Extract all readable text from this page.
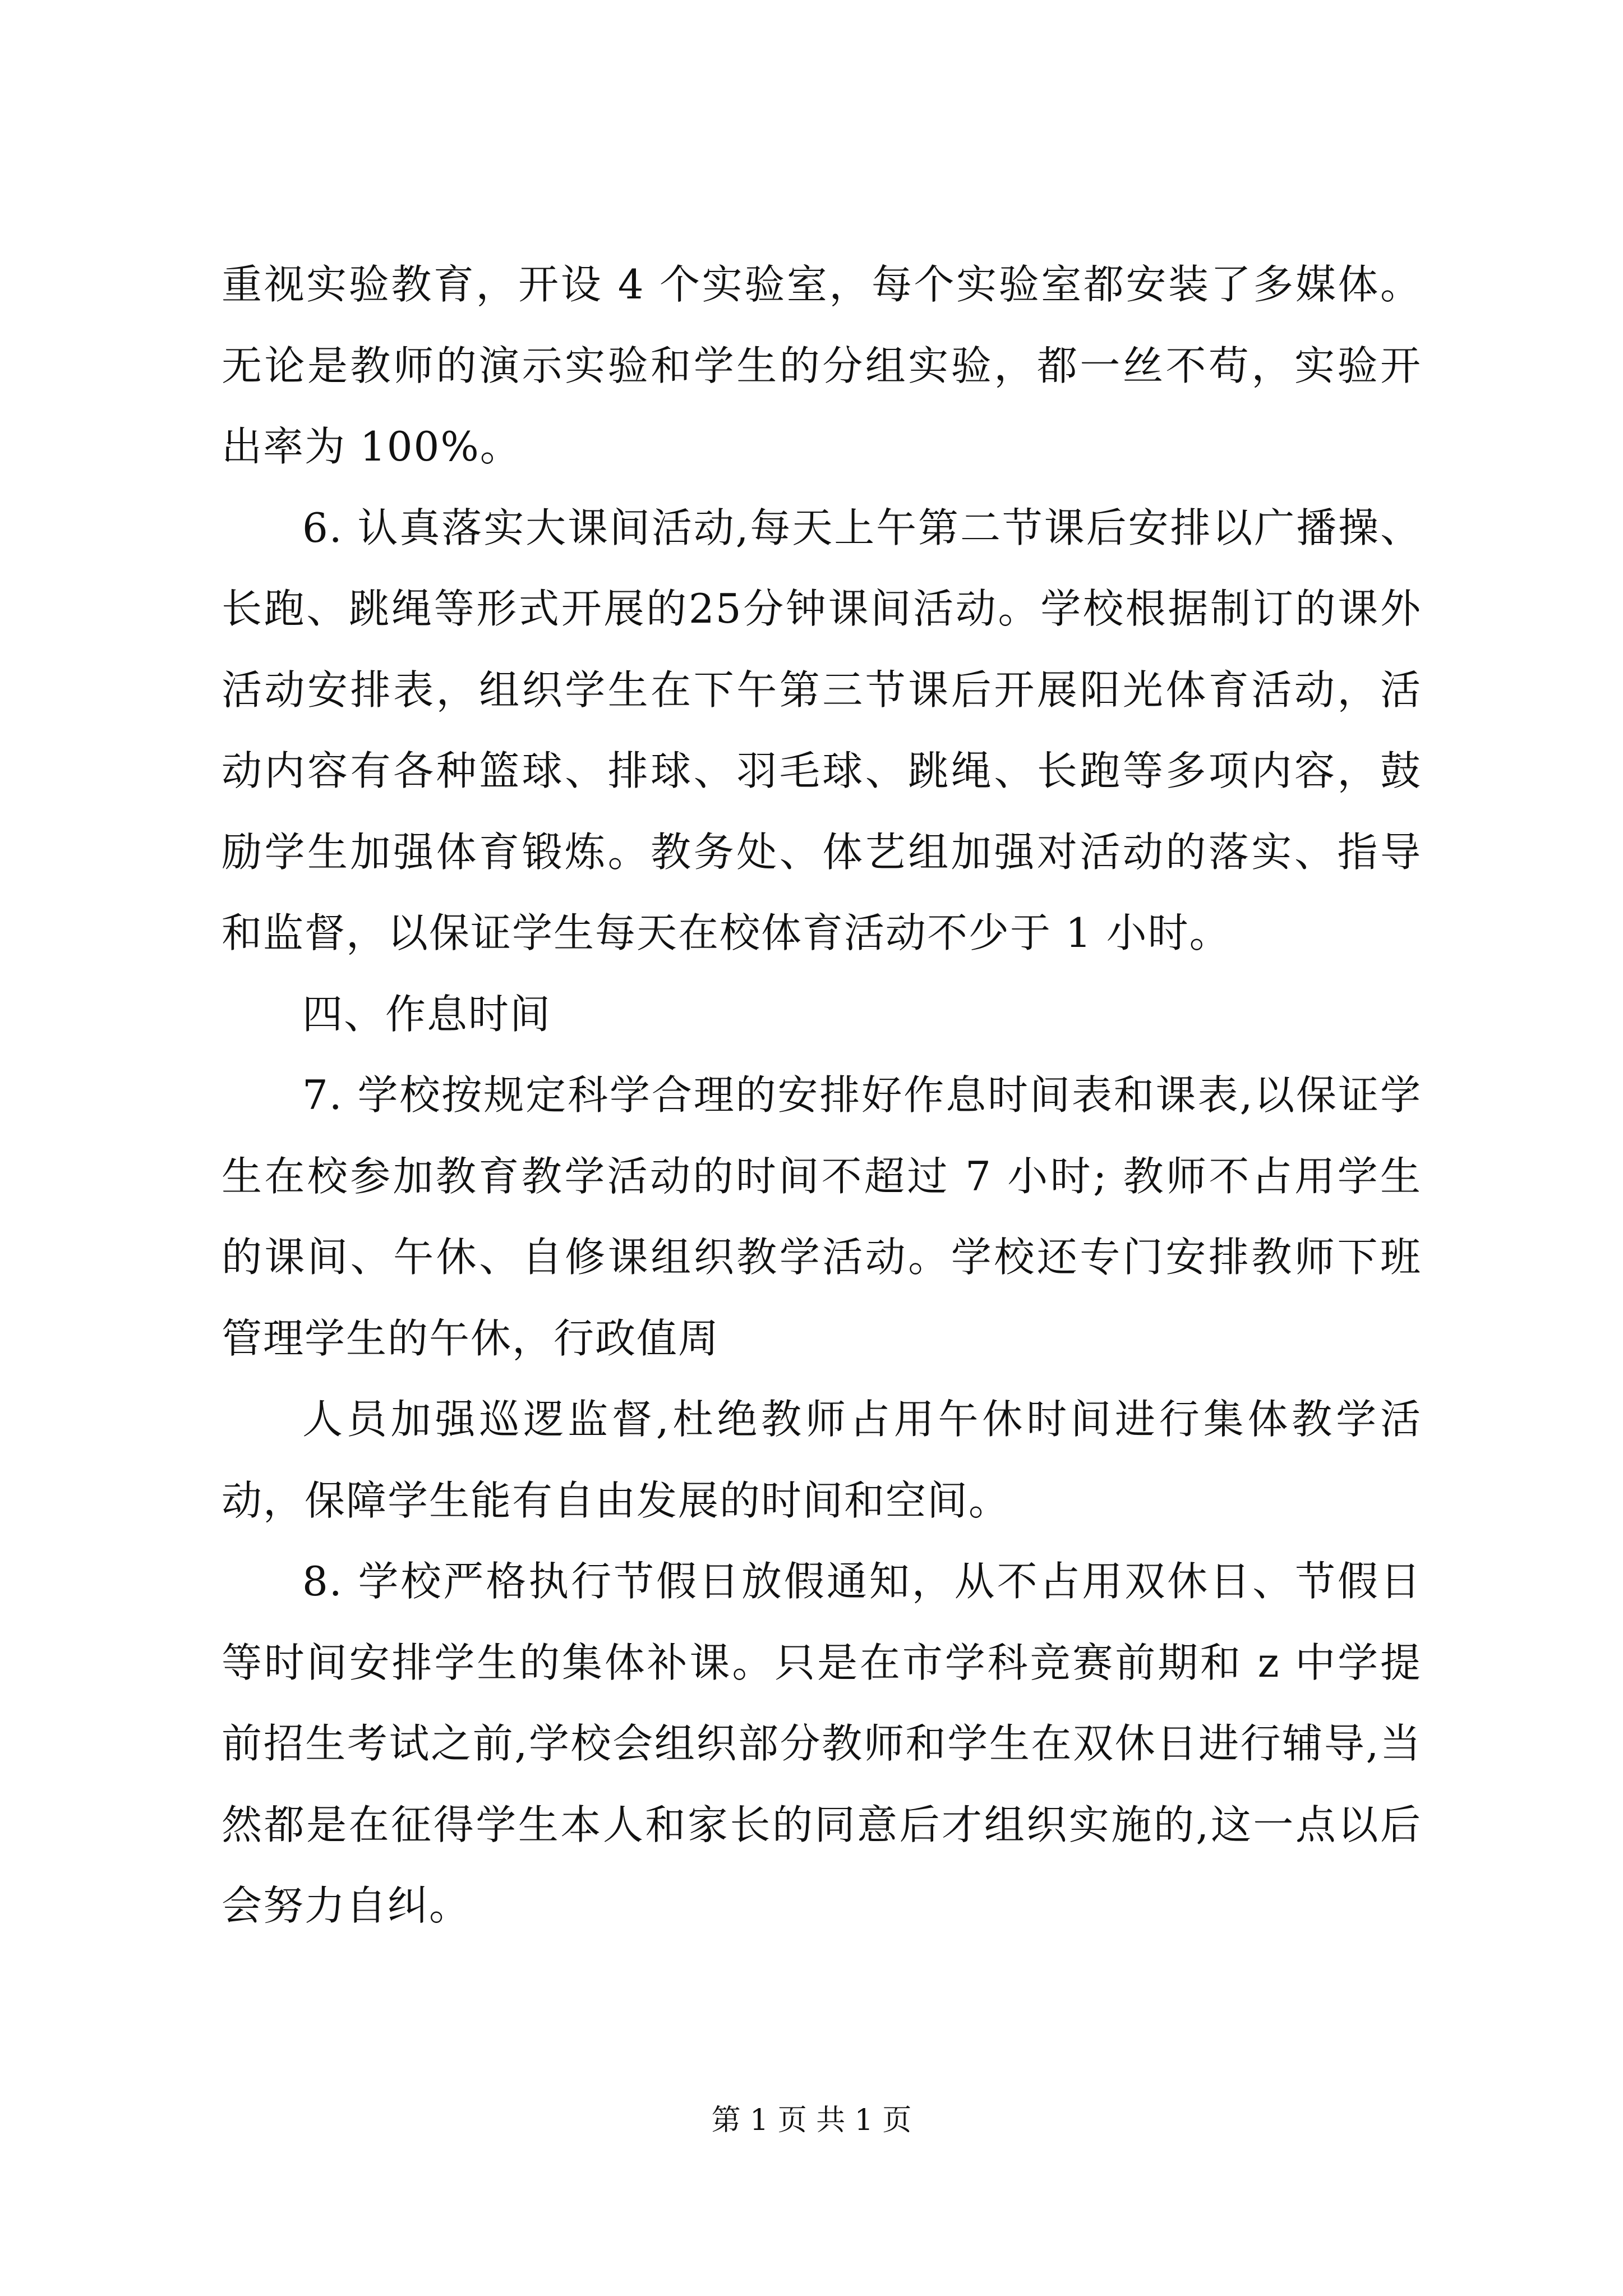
重视实验教育，开设 4 个实验室，每个实验室都安装了多媒体。无论是教师的演示实验和学生的分组实验，都一丝不苟，实验开出率为 100%。

6. 认真落实大课间活动,每天上午第二节课后安排以广播操、长跑、跳绳等形式开展的25分钟课间活动。学校根据制订的课外活动安排表，组织学生在下午第三节课后开展阳光体育活动，活动内容有各种篮球、排球、羽毛球、跳绳、长跑等多项内容，鼓励学生加强体育锻炼。教务处、体艺组加强对活动的落实、指导和监督，以保证学生每天在校体育活动不少于 1 小时。

四、作息时间

7. 学校按规定科学合理的安排好作息时间表和课表,以保证学生在校参加教育教学活动的时间不超过 7 小时; 教师不占用学生的课间、午休、自修课组织教学活动。学校还专门安排教师下班管理学生的午休，行政值周

人员加强巡逻监督,杜绝教师占用午休时间进行集体教学活动，保障学生能有自由发展的时间和空间。

8. 学校严格执行节假日放假通知，从不占用双休日、节假日等时间安排学生的集体补课。只是在市学科竞赛前期和 z 中学提前招生考试之前,学校会组织部分教师和学生在双休日进行辅导,当然都是在征得学生本人和家长的同意后才组织实施的,这一点以后会努力自纠。

第 1 页 共 1 页
